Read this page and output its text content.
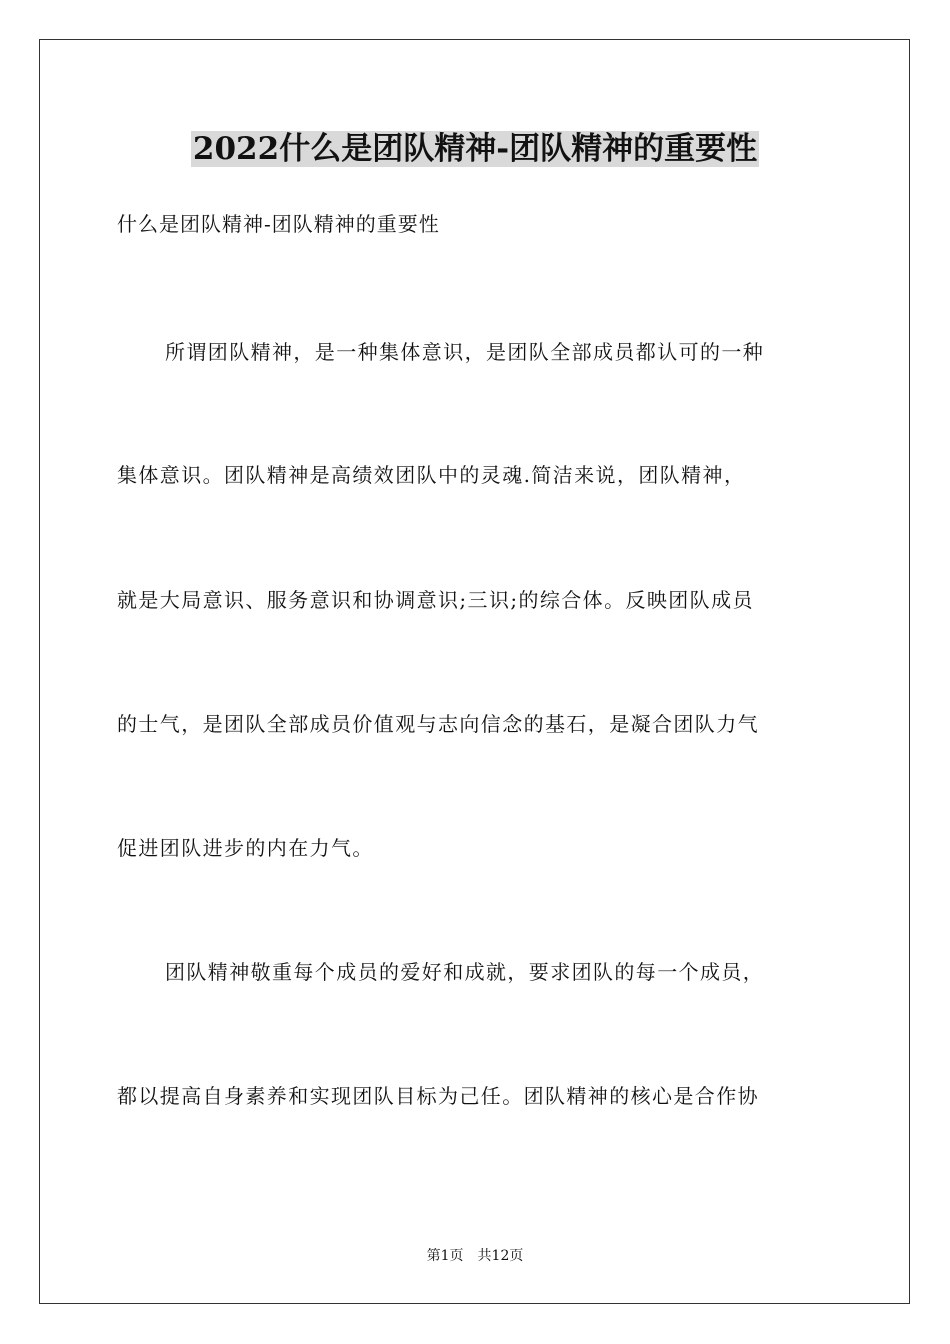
2022什么是团队精神-团队精神的重要性
什么是团队精神-团队精神的重要性
所谓团队精神，是一种集体意识，是团队全部成员都认可的一种
集体意识。团队精神是高绩效团队中的灵魂.简洁来说，团队精神，
就是大局意识、服务意识和协调意识;三识;的综合体。反映团队成员
的士气，是团队全部成员价值观与志向信念的基石，是凝合团队力气
促进团队进步的内在力气。
团队精神敬重每个成员的爱好和成就，要求团队的每一个成员，
都以提高自身素养和实现团队目标为己任。团队精神的核心是合作协
第1页 共12页
